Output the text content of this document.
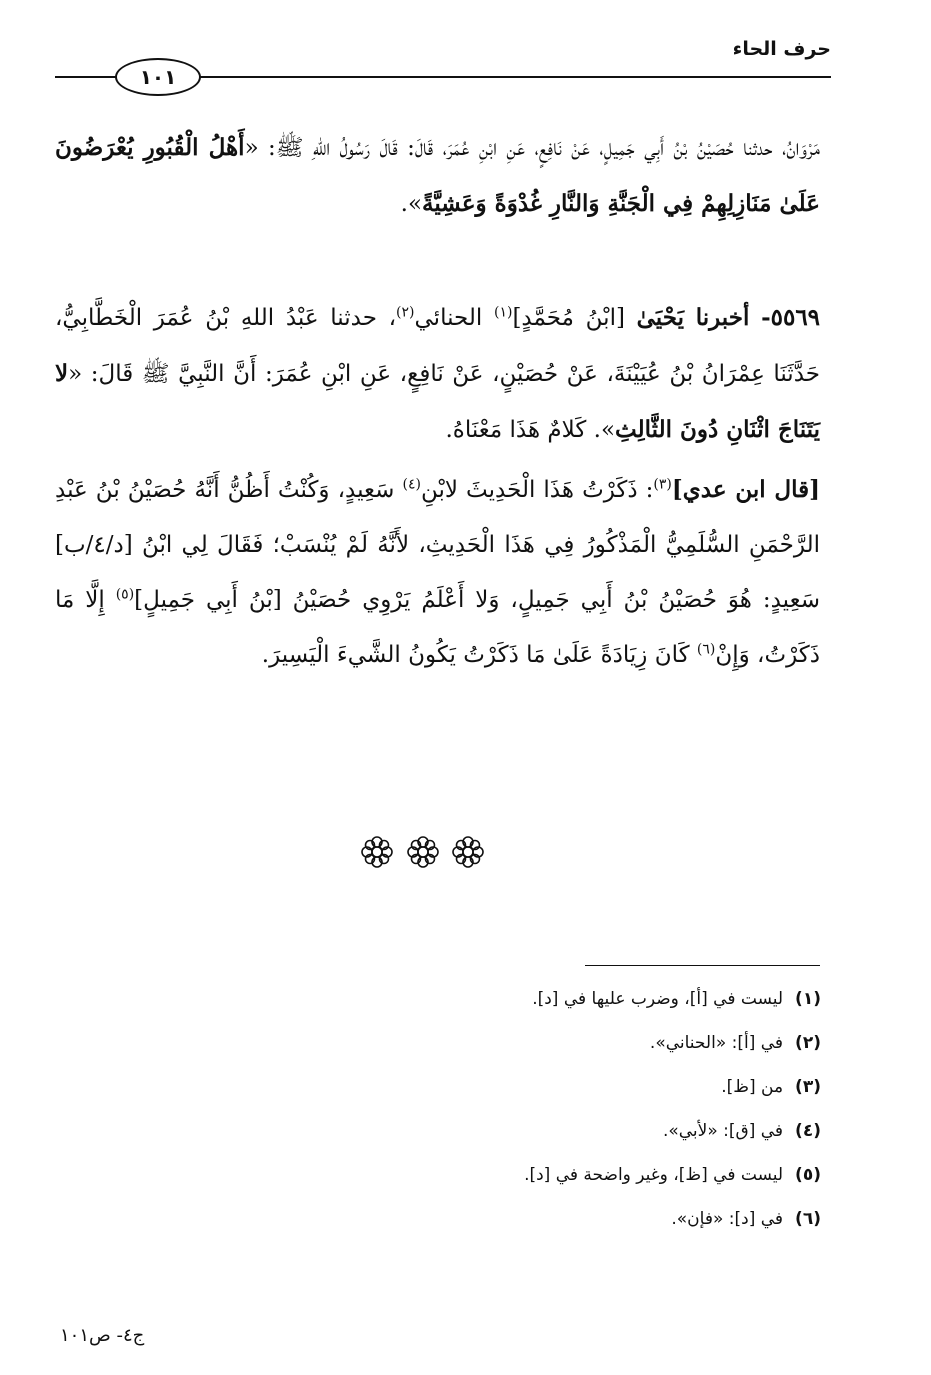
حرف الحاء
١٠١
مَرْوَانُ، حدثنا حُصَيْنُ بْنُ أَبِي جَمِيلٍ، عَنْ نَافِعٍ، عَنِ ابْنِ عُمَرَ، قَالَ: قَالَ رَسُولُ اللهِ ﷺ: «أَهْلُ الْقُبُورِ يُعْرَضُونَ عَلَىٰ مَنَازِلِهِمْ فِي الْجَنَّةِ وَالنَّارِ غُدْوَةً وَعَشِيَّةً».
٥٥٦٩- أخبرنا يَحْيَىٰ [ابْنُ مُحَمَّدٍ]$^{(١)}$ الحنائي$^{(٢)}$، حدثنا عَبْدُ اللهِ بْنُ عُمَرَ الْخَطَّابِيُّ، حَدَّثَنَا عِمْرَانُ بْنُ عُيَيْنَةَ، عَنْ حُصَيْنٍ، عَنْ نَافِعٍ، عَنِ ابْنِ عُمَرَ: أَنَّ النَّبِيَّ ﷺ قَالَ: «لا يَتَنَاجَ اثْنَانِ دُونَ الثَّالِثِ». كَلامٌ هَذَا مَعْنَاهُ.
[قال ابن عدي]$^{(٣)}$: ذَكَرْتُ هَذَا الْحَدِيثَ لابْنِ$^{(٤)}$ سَعِيدٍ، وَكُنْتُ أَظُنُّ أَنَّهُ حُصَيْنُ بْنُ عَبْدِ الرَّحْمَنِ السُّلَمِيُّ الْمَذْكُورُ فِي هَذَا الْحَدِيثِ، لأَنَّهُ لَمْ يُنْسَبْ؛ فَقَالَ لِي ابْنُ [د/٤/ب] سَعِيدٍ: هُوَ حُصَيْنُ بْنُ أَبِي جَمِيلٍ، وَلا أَعْلَمُ يَرْوِي حُصَيْنُ [بْنُ أَبِي جَمِيلٍ]$^{(٥)}$ إِلَّا مَا ذَكَرْتُ، وَإِنْ$^{(٦)}$ كَانَ زِيَادَةً عَلَىٰ مَا ذَكَرْتُ يَكُونُ الشَّيءَ الْيَسِيرَ.
(١)ليست في [أ]، وضرب عليها في [د].
(٢)في [أ]: «الحناني».
(٣)من [ظ].
(٤)في [ق]: «لأبي».
(٥)ليست في [ظ]، وغير واضحة في [د].
(٦)في [د]: «فإن».
ج٤- ص١٠١
